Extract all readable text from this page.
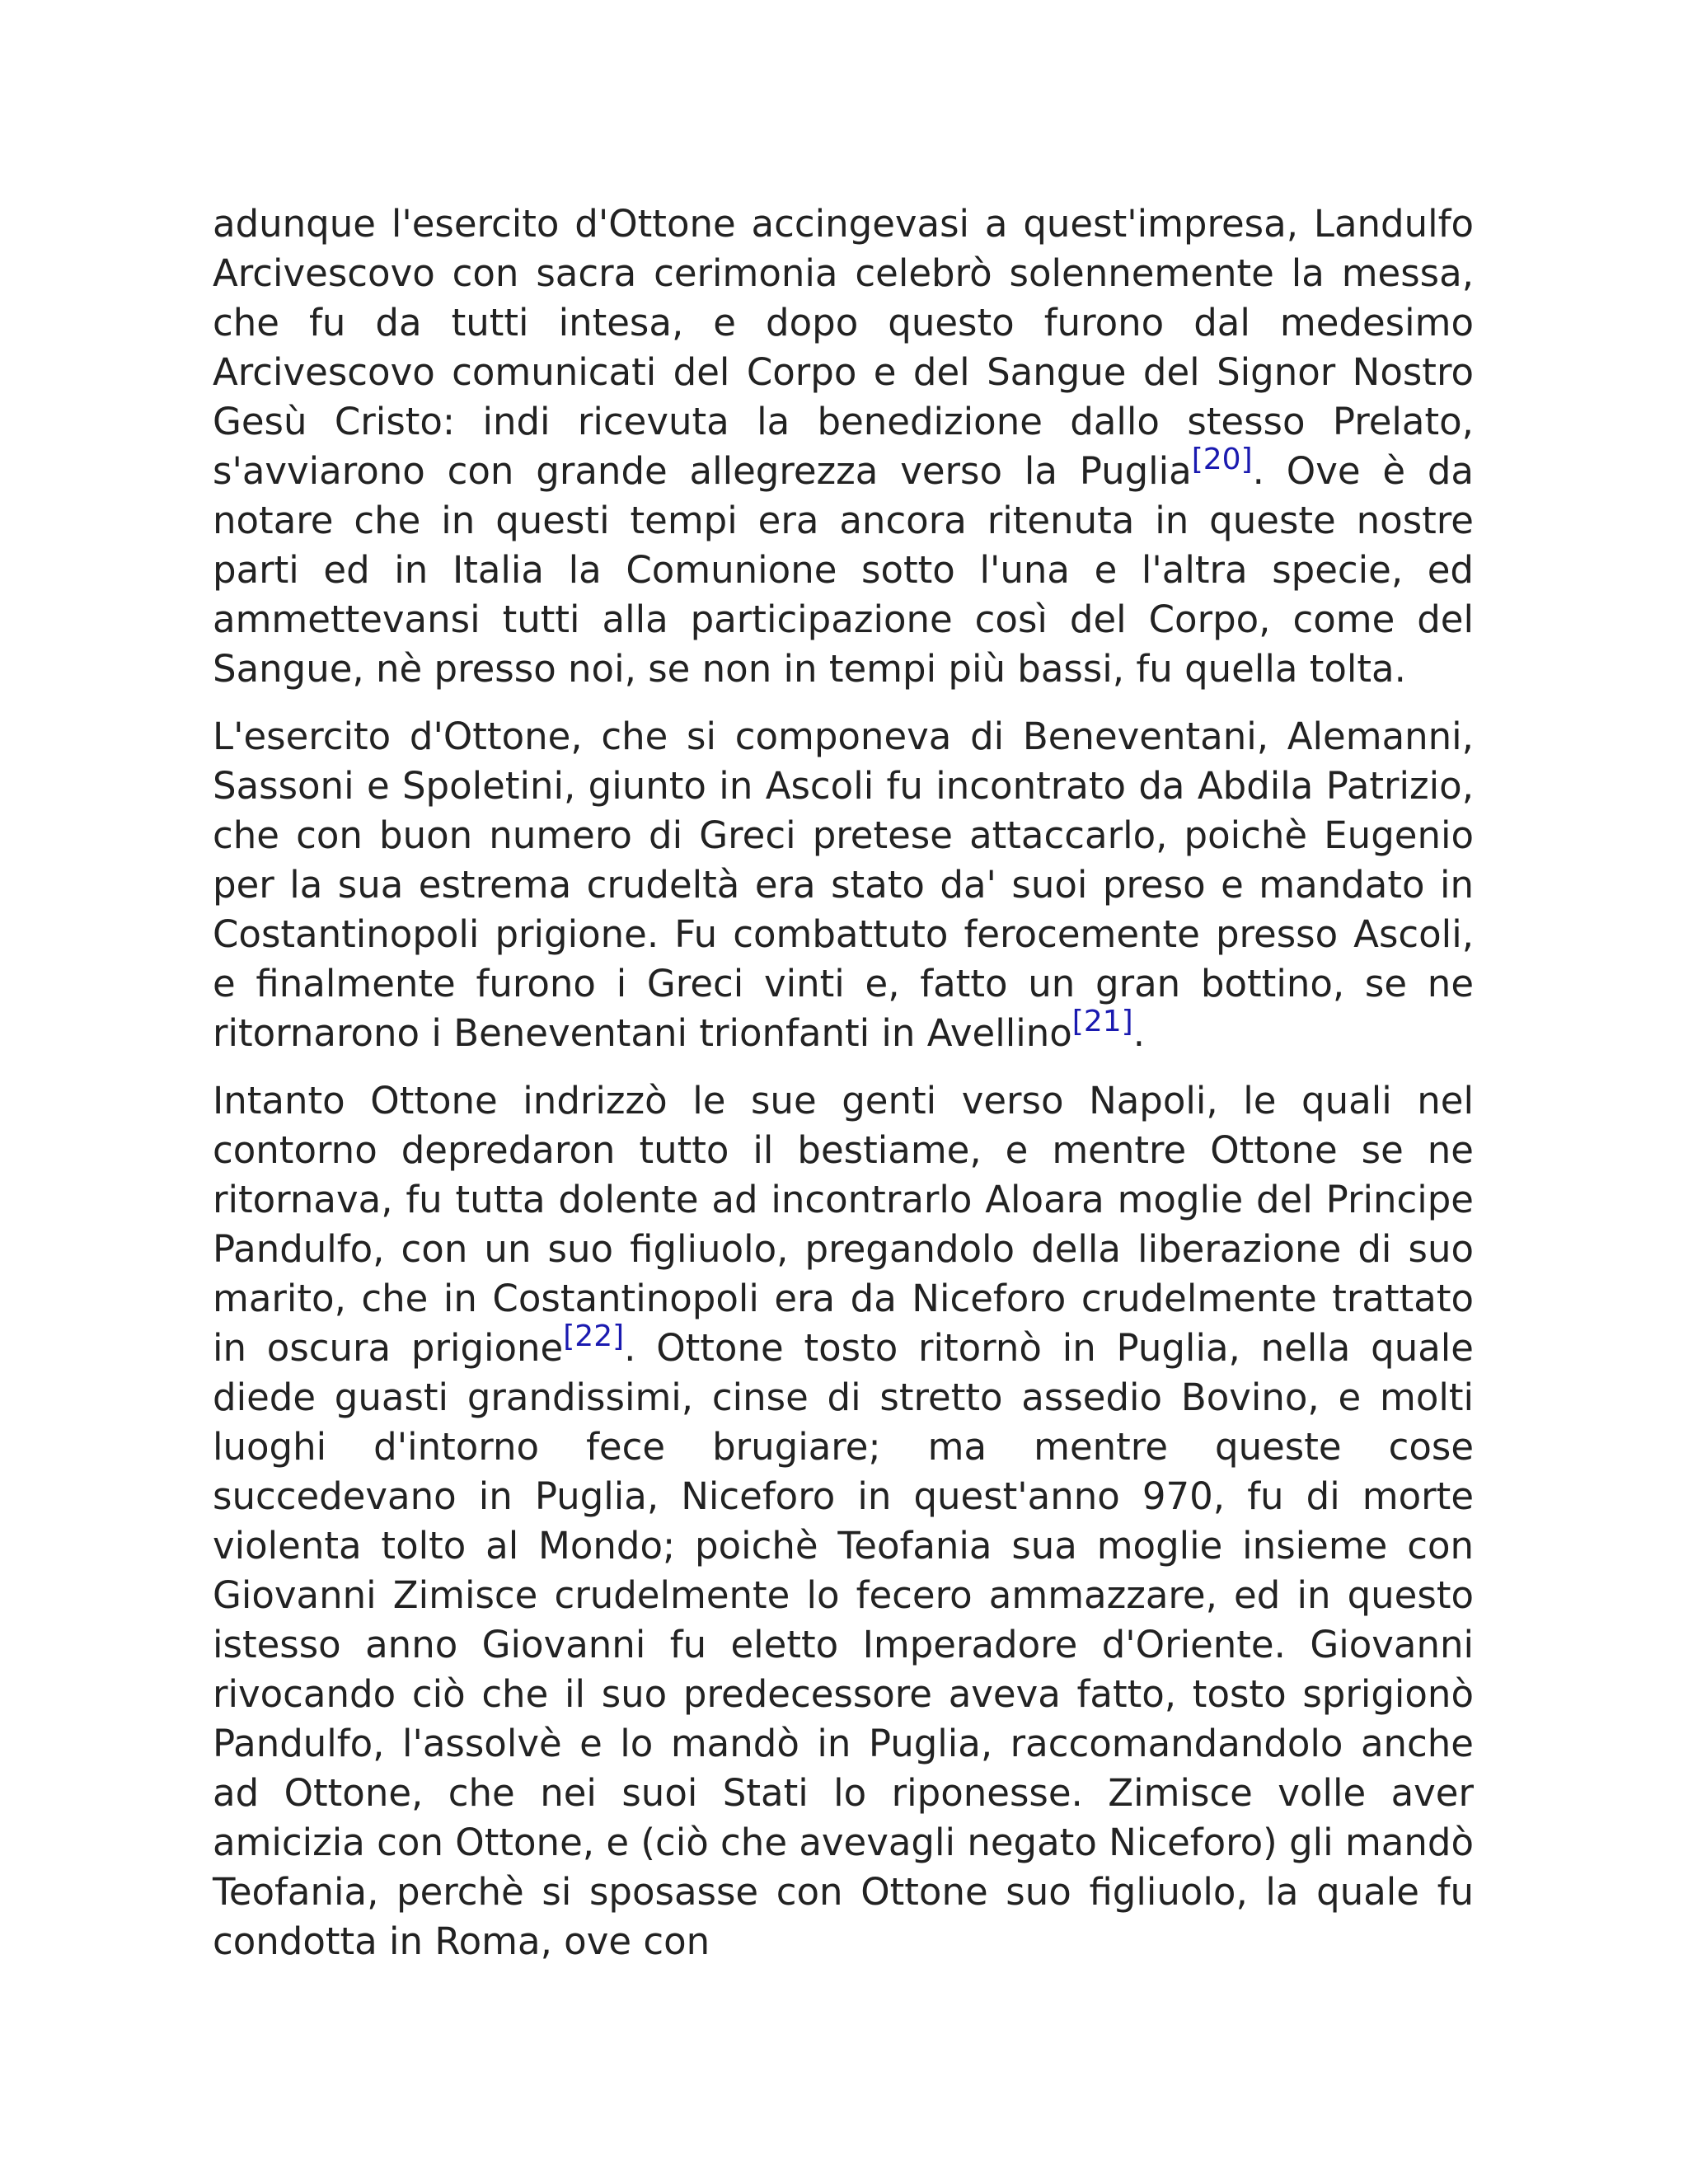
adunque l'esercito d'Ottone accingevasi a quest'impresa, Landulfo Arcivescovo con sacra cerimonia celebrò solennemente la messa, che fu da tutti intesa, e dopo questo furono dal medesimo Arcivescovo comunicati del Corpo e del Sangue del Signor Nostro Gesù Cristo: indi ricevuta la benedizione dallo stesso Prelato, s'avviarono con grande allegrezza verso la Puglia[20]. Ove è da notare che in questi tempi era ancora ritenuta in queste nostre parti ed in Italia la Comunione sotto l'una e l'altra specie, ed ammettevansi tutti alla participazione così del Corpo, come del Sangue, nè presso noi, se non in tempi più bassi, fu quella tolta.

L'esercito d'Ottone, che si componeva di Beneventani, Alemanni, Sassoni e Spoletini, giunto in Ascoli fu incontrato da Abdila Patrizio, che con buon numero di Greci pretese attaccarlo, poichè Eugenio per la sua estrema crudeltà era stato da' suoi preso e mandato in Costantinopoli prigione. Fu combattuto ferocemente presso Ascoli, e finalmente furono i Greci vinti e, fatto un gran bottino, se ne ritornarono i Beneventani trionfanti in Avellino[21].

Intanto Ottone indrizzò le sue genti verso Napoli, le quali nel contorno depredaron tutto il bestiame, e mentre Ottone se ne ritornava, fu tutta dolente ad incontrarlo Aloara moglie del Principe Pandulfo, con un suo figliuolo, pregandolo della liberazione di suo marito, che in Costantinopoli era da Niceforo crudelmente trattato in oscura prigione[22]. Ottone tosto ritornò in Puglia, nella quale diede guasti grandissimi, cinse di stretto assedio Bovino, e molti luoghi d'intorno fece brugiare; ma mentre queste cose succedevano in Puglia, Niceforo in quest'anno 970, fu di morte violenta tolto al Mondo; poichè Teofania sua moglie insieme con Giovanni Zimisce crudelmente lo fecero ammazzare, ed in questo istesso anno Giovanni fu eletto Imperadore d'Oriente. Giovanni rivocando ciò che il suo predecessore aveva fatto, tosto sprigionò Pandulfo, l'assolvè e lo mandò in Puglia, raccomandandolo anche ad Ottone, che nei suoi Stati lo riponesse. Zimisce volle aver amicizia con Ottone, e (ciò che avevagli negato Niceforo) gli mandò Teofania, perchè si sposasse con Ottone suo figliuolo, la quale fu condotta in Roma, ove con
